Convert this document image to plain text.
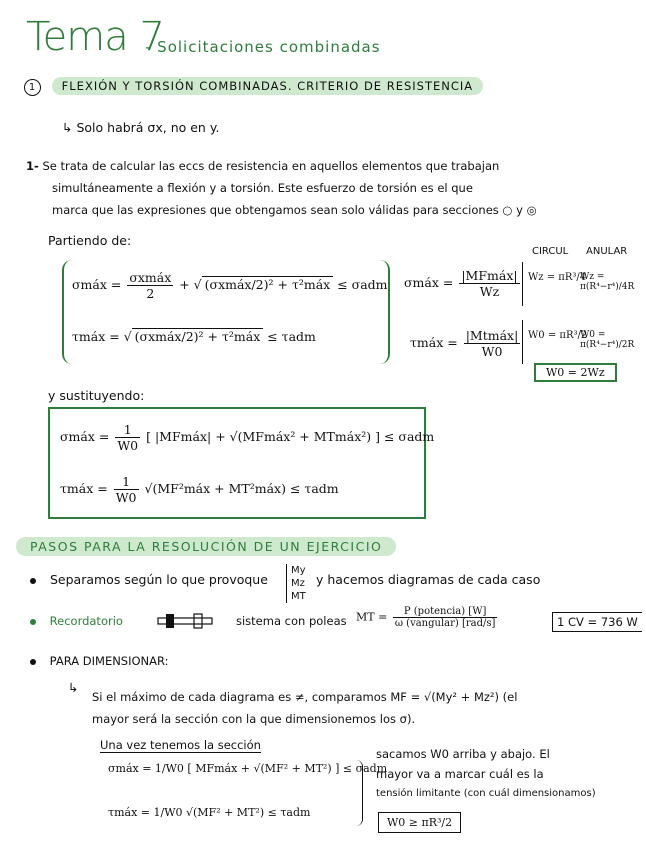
Tema 7
- Solicitaciones combinadas
1 FLEXIÓN Y TORSIÓN COMBINADAS. CRITERIO DE RESISTENCIA
↳ Solo habrá σx, no en y.
1- Se trata de calcular las eccs de resistencia en aquellos elementos que trabajan
simultáneamente a flexión y a torsión. Este esfuerzo de torsión es el que
marca que las expresiones que obtengamos sean solo válidas para secciones ○ y ◎
Partiendo de:
CIRCUL ANULAR
σmáx = $\frac{\text{σxmáx}}{2}$ + √ (σxmáx/2)² + τ²máx ≤ σadm
τmáx = √ (σxmáx/2)² + τ²máx ≤ τadm
σmáx = $\frac{\text{|MFmáx|}}{Wz}$
τmáx = $\frac{\text{|Mtmáx|}}{W0}$
Wz = πR³/4
Wz = π(R⁴−r⁴)/4R
W0 = πR³/2
W0 = π(R⁴−r⁴)/2R
W0 = 2Wz
y sustituyendo:
σmáx = $\frac{1}{W0}$ [ |MFmáx| + √(MFmáx² + MTmáx²) ] ≤ σadm
τmáx = $\frac{1}{W0}$ √(MF²máx + MT²máx) ≤ τadm
PASOS PARA LA RESOLUCIÓN DE UN EJERCICIO
Separamos según lo que provoque
My
Mz
MT
y hacemos diagramas de cada caso
Recordatorio	sistema con poleas MT = $\frac{\text{P (potencia) [W]}}{\text{ω (vangular) [rad/s]}}$	1 CV = 736 W
PARA DIMENSIONAR:
↳
Si el máximo de cada diagrama es ≠, comparamos MF = √(My² + Mz²) (el
mayor será la sección con la que dimensionemos los σ).
Una vez tenemos la sección
σmáx = 1/W0 [ MFmáx + √(MF² + MT²) ] ≤ σadm
τmáx = 1/W0 √(MF² + MT²) ≤ τadm
sacamos W0 arriba y abajo. El
mayor va a marcar cuál es la
tensión limitante (con cuál dimensionamos)
W0 ≥ πR³/2
